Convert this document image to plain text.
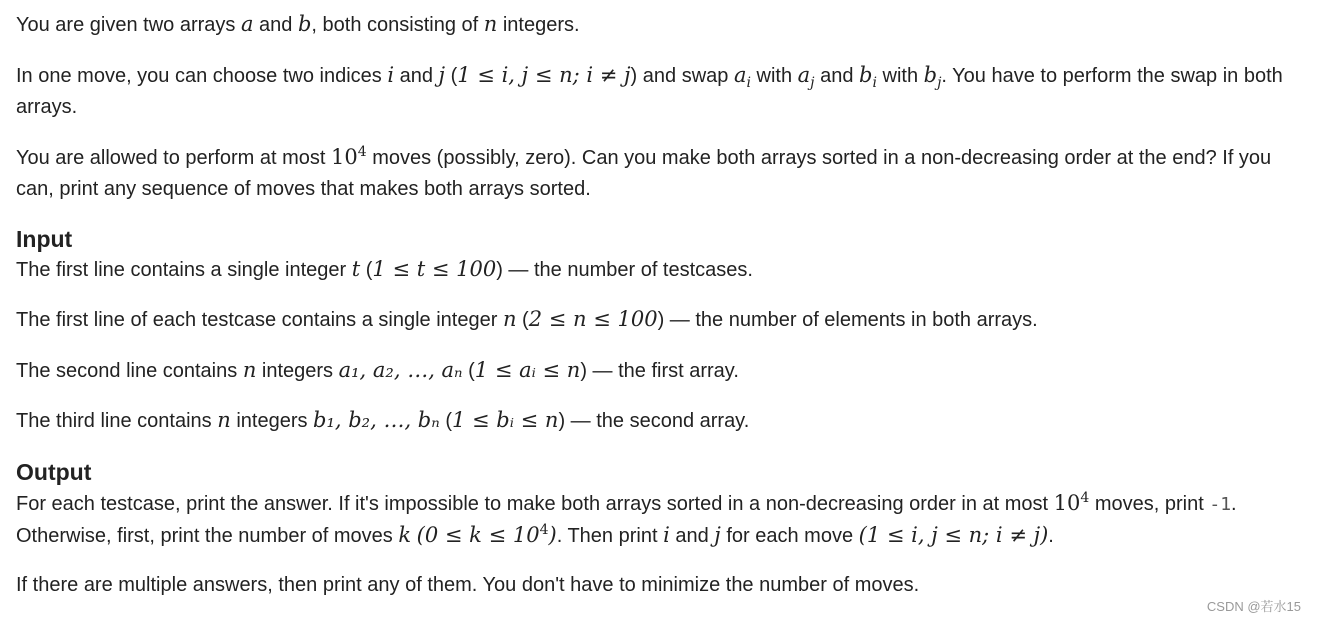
You are given two arrays a and b, both consisting of n integers.

In one move, you can choose two indices i and j (1 ≤ i, j ≤ n; i ≠ j) and swap $a_i$ with $a_j$ and $b_i$ with $b_j$. You have to perform the swap in both arrays.

You are allowed to perform at most $10^4$ moves (possibly, zero). Can you make both arrays sorted in a non-decreasing order at the end? If you can, print any sequence of moves that makes both arrays sorted.

Input

The first line contains a single integer t (1 ≤ t ≤ 100) — the number of testcases.

The first line of each testcase contains a single integer n (2 ≤ n ≤ 100) — the number of elements in both arrays.

The second line contains n integers a₁, a₂, …, aₙ (1 ≤ aᵢ ≤ n) — the first array.

The third line contains n integers b₁, b₂, …, bₙ (1 ≤ bᵢ ≤ n) — the second array.

Output

For each testcase, print the answer. If it's impossible to make both arrays sorted in a non-decreasing order in at most $10^4$ moves, print -1. Otherwise, first, print the number of moves k $(0 \le k \le 10^4)$. Then print i and j for each move (1 ≤ i, j ≤ n; i ≠ j).

If there are multiple answers, then print any of them. You don't have to minimize the number of moves.

CSDN @若水15
